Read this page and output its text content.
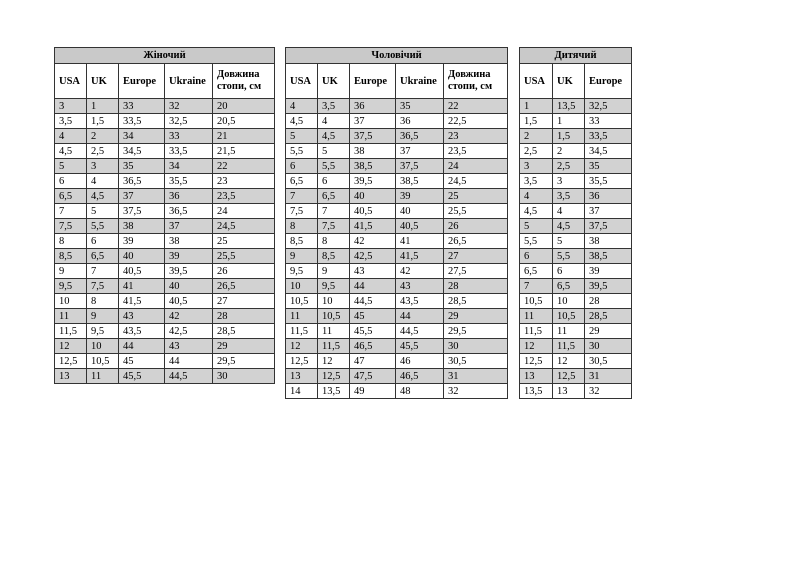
Жіночий				
USA	UK	Europe	Ukraine	Довжина стопи, см
3	1	33	32	20
3,5	1,5	33,5	32,5	20,5
4	2	34	33	21
4,5	2,5	34,5	33,5	21,5
5	3	35	34	22
6	4	36,5	35,5	23
6,5	4,5	37	36	23,5
7	5	37,5	36,5	24
7,5	5,5	38	37	24,5
8	6	39	38	25
8,5	6,5	40	39	25,5
9	7	40,5	39,5	26
9,5	7,5	41	40	26,5
10	8	41,5	40,5	27
11	9	43	42	28
11,5	9,5	43,5	42,5	28,5
12	10	44	43	29
12,5	10,5	45	44	29,5
13	11	45,5	44,5	30
Чоловічий				
USA	UK	Europe	Ukraine	Довжина стопи, см
4	3,5	36	35	22
4,5	4	37	36	22,5
5	4,5	37,5	36,5	23
5,5	5	38	37	23,5
6	5,5	38,5	37,5	24
6,5	6	39,5	38,5	24,5
7	6,5	40	39	25
7,5	7	40,5	40	25,5
8	7,5	41,5	40,5	26
8,5	8	42	41	26,5
9	8,5	42,5	41,5	27
9,5	9	43	42	27,5
10	9,5	44	43	28
10,5	10	44,5	43,5	28,5
11	10,5	45	44	29
11,5	11	45,5	44,5	29,5
12	11,5	46,5	45,5	30
12,5	12	47	46	30,5
13	12,5	47,5	46,5	31
14	13,5	49	48	32
Дитячий		
USA	UK	Europe
1	13,5	32,5
1,5	1	33
2	1,5	33,5
2,5	2	34,5
3	2,5	35
3,5	3	35,5
4	3,5	36
4,5	4	37
5	4,5	37,5
5,5	5	38
6	5,5	38,5
6,5	6	39
7	6,5	39,5
10,5	10	28
11	10,5	28,5
11,5	11	29
12	11,5	30
12,5	12	30,5
13	12,5	31
13,5	13	32
